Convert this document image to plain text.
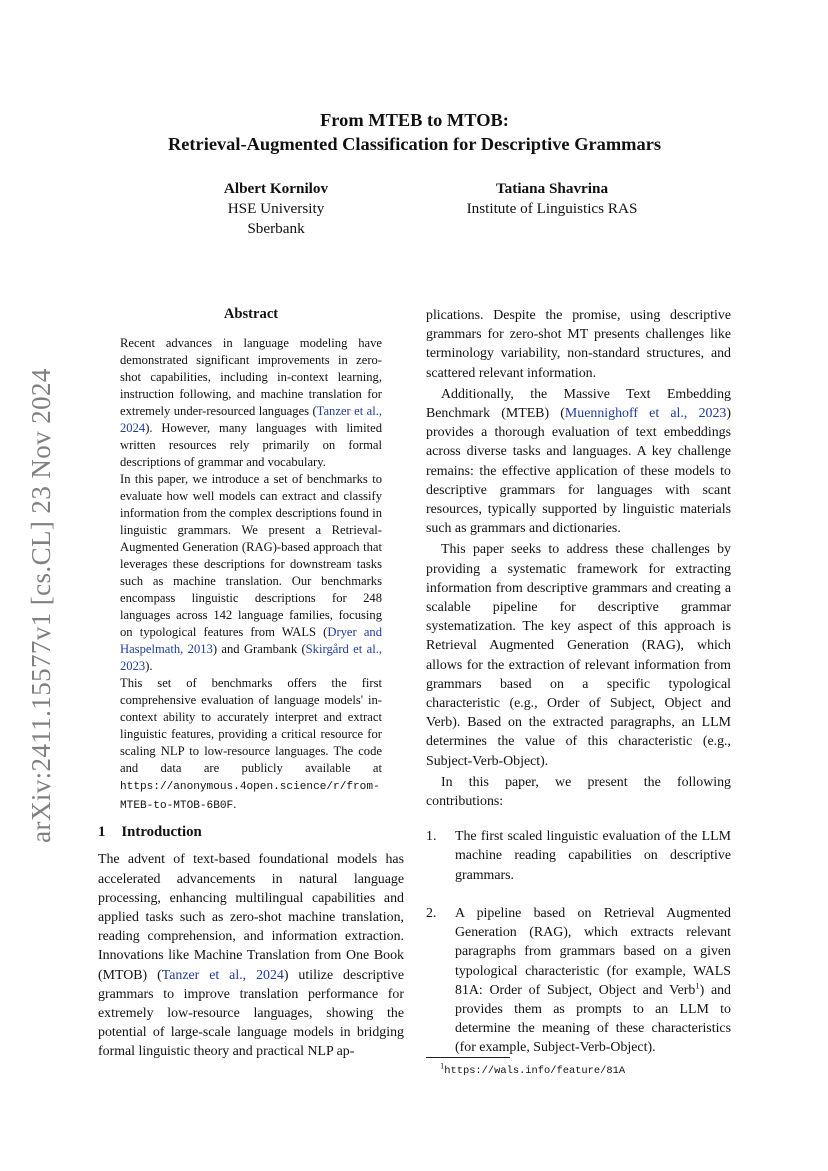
arXiv:2411.15577v1 [cs.CL] 23 Nov 2024
From MTEB to MTOB:
Retrieval-Augmented Classification for Descriptive Grammars
Albert Kornilov
HSE University
Sberbank
Tatiana Shavrina
Institute of Linguistics RAS
Abstract

Recent advances in language modeling have demonstrated significant improvements in zero-shot capabilities, including in-context learning, instruction following, and machine translation for extremely under-resourced languages (Tanzer et al., 2024). However, many languages with limited written resources rely primarily on formal descriptions of grammar and vocabulary.

In this paper, we introduce a set of benchmarks to evaluate how well models can extract and classify information from the complex descriptions found in linguistic grammars. We present a Retrieval-Augmented Generation (RAG)-based approach that leverages these descriptions for downstream tasks such as machine translation. Our benchmarks encompass linguistic descriptions for 248 languages across 142 language families, focusing on typological features from WALS (Dryer and Haspelmath, 2013) and Grambank (Skirgård et al., 2023).

This set of benchmarks offers the first comprehensive evaluation of language models' in-context ability to accurately interpret and extract linguistic features, providing a critical resource for scaling NLP to low-resource languages. The code and data are publicly available at https://anonymous.4open.science/r/from-MTEB-to-MTOB-6B0F.

1 Introduction

The advent of text-based foundational models has accelerated advancements in natural language processing, enhancing multilingual capabilities and applied tasks such as zero-shot machine translation, reading comprehension, and information extraction. Innovations like Machine Translation from One Book (MTOB) (Tanzer et al., 2024) utilize descriptive grammars to improve translation performance for extremely low-resource languages, showing the potential of large-scale language models in bridging formal linguistic theory and practical NLP ap-

plications. Despite the promise, using descriptive grammars for zero-shot MT presents challenges like terminology variability, non-standard structures, and scattered relevant information.

Additionally, the Massive Text Embedding Benchmark (MTEB) (Muennighoff et al., 2023) provides a thorough evaluation of text embeddings across diverse tasks and languages. A key challenge remains: the effective application of these models to descriptive grammars for languages with scant resources, typically supported by linguistic materials such as grammars and dictionaries.

This paper seeks to address these challenges by providing a systematic framework for extracting information from descriptive grammars and creating a scalable pipeline for descriptive grammar systematization. The key aspect of this approach is Retrieval Augmented Generation (RAG), which allows for the extraction of relevant information from grammars based on a specific typological characteristic (e.g., Order of Subject, Object and Verb). Based on the extracted paragraphs, an LLM determines the value of this characteristic (e.g., Subject-Verb-Object).

In this paper, we present the following contributions:

1.	The first scaled linguistic evaluation of the LLM machine reading capabilities on descriptive grammars.
2.	A pipeline based on Retrieval Augmented Generation (RAG), which extracts relevant paragraphs from grammars based on a given typological characteristic (for example, WALS 81A: Order of Subject, Object and Verb$^1$) and provides them as prompts to an LLM to determine the meaning of these characteristics (for example, Subject-Verb-Object).
$^1$https://wals.info/feature/81A
